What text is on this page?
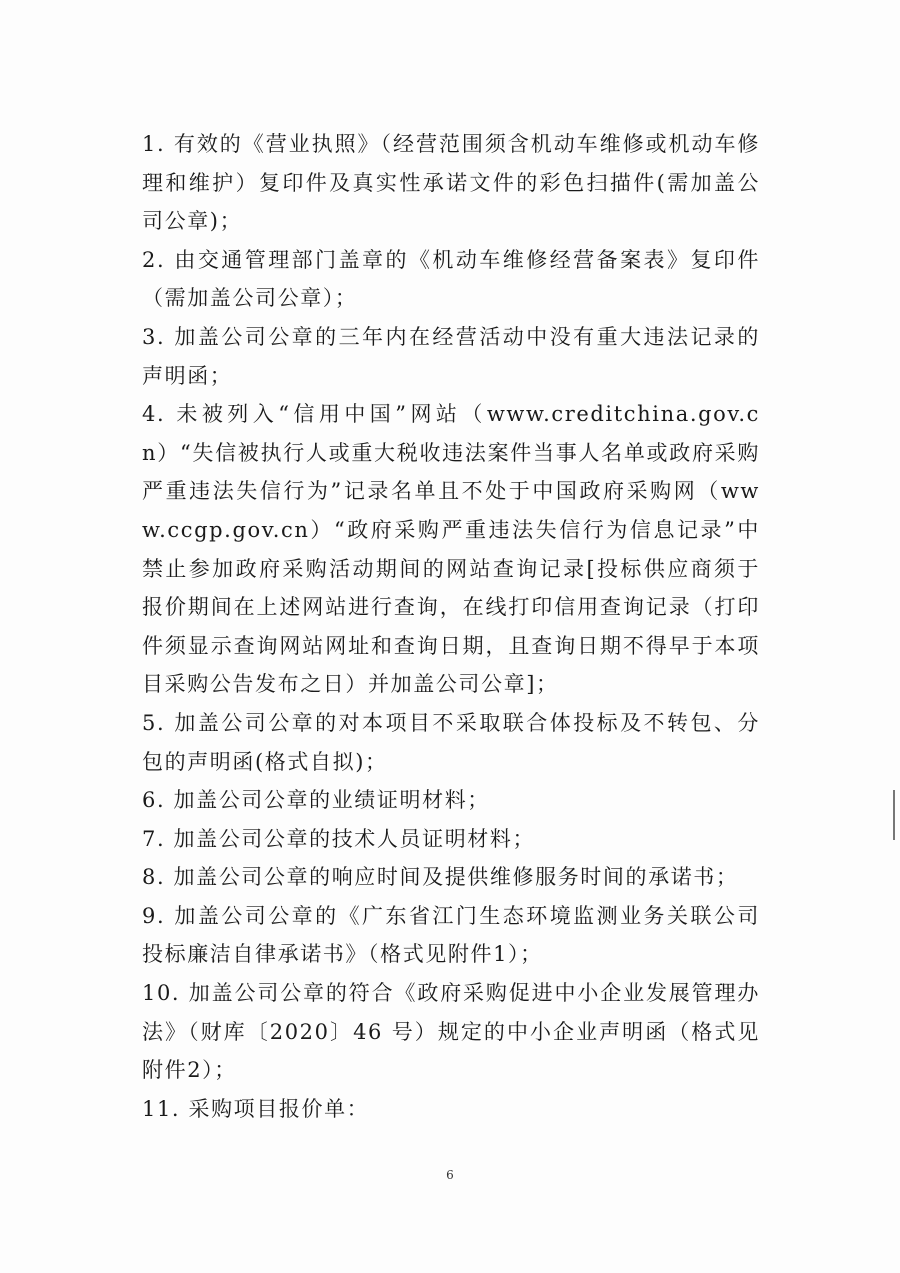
1. 有效的《营业执照》（经营范围须含机动车维修或机动车修理和维护）复印件及真实性承诺文件的彩色扫描件(需加盖公司公章)；

2. 由交通管理部门盖章的《机动车维修经营备案表》复印件（需加盖公司公章）；

3. 加盖公司公章的三年内在经营活动中没有重大违法记录的声明函；

4. 未被列入“信用中国”网站（www.creditchina.gov.cn）“失信被执行人或重大税收违法案件当事人名单或政府采购严重违法失信行为”记录名单且不处于中国政府采购网（www.ccgp.gov.cn）“政府采购严重违法失信行为信息记录”中禁止参加政府采购活动期间的网站查询记录[投标供应商须于报价期间在上述网站进行查询，在线打印信用查询记录（打印件须显示查询网站网址和查询日期，且查询日期不得早于本项目采购公告发布之日）并加盖公司公章]；

5. 加盖公司公章的对本项目不采取联合体投标及不转包、分包的声明函(格式自拟)；

6. 加盖公司公章的业绩证明材料；

7. 加盖公司公章的技术人员证明材料；

8. 加盖公司公章的响应时间及提供维修服务时间的承诺书；

9. 加盖公司公章的《广东省江门生态环境监测业务关联公司投标廉洁自律承诺书》（格式见附件1）；

10. 加盖公司公章的符合《政府采购促进中小企业发展管理办法》（财库〔2020〕46 号）规定的中小企业声明函（格式见附件2）；

11. 采购项目报价单：

6
